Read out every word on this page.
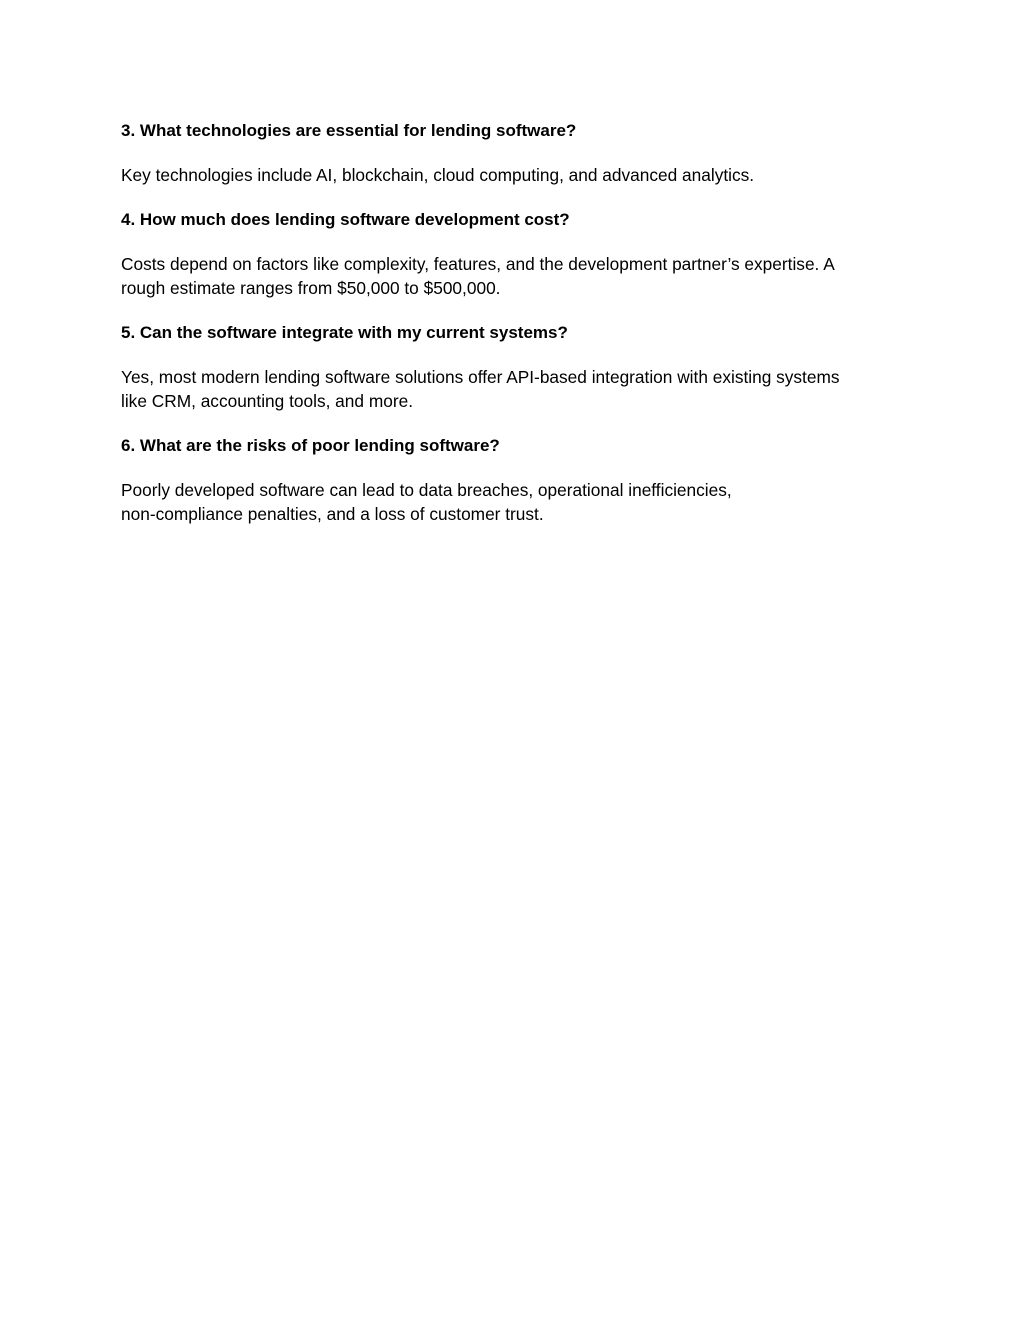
3. What technologies are essential for lending software?

Key technologies include AI, blockchain, cloud computing, and advanced analytics.

4. How much does lending software development cost?

Costs depend on factors like complexity, features, and the development partner’s expertise. A
rough estimate ranges from $50,000 to $500,000.

5. Can the software integrate with my current systems?

Yes, most modern lending software solutions offer API-based integration with existing systems
like CRM, accounting tools, and more.

6. What are the risks of poor lending software?

Poorly developed software can lead to data breaches, operational inefficiencies,
non-compliance penalties, and a loss of customer trust.
